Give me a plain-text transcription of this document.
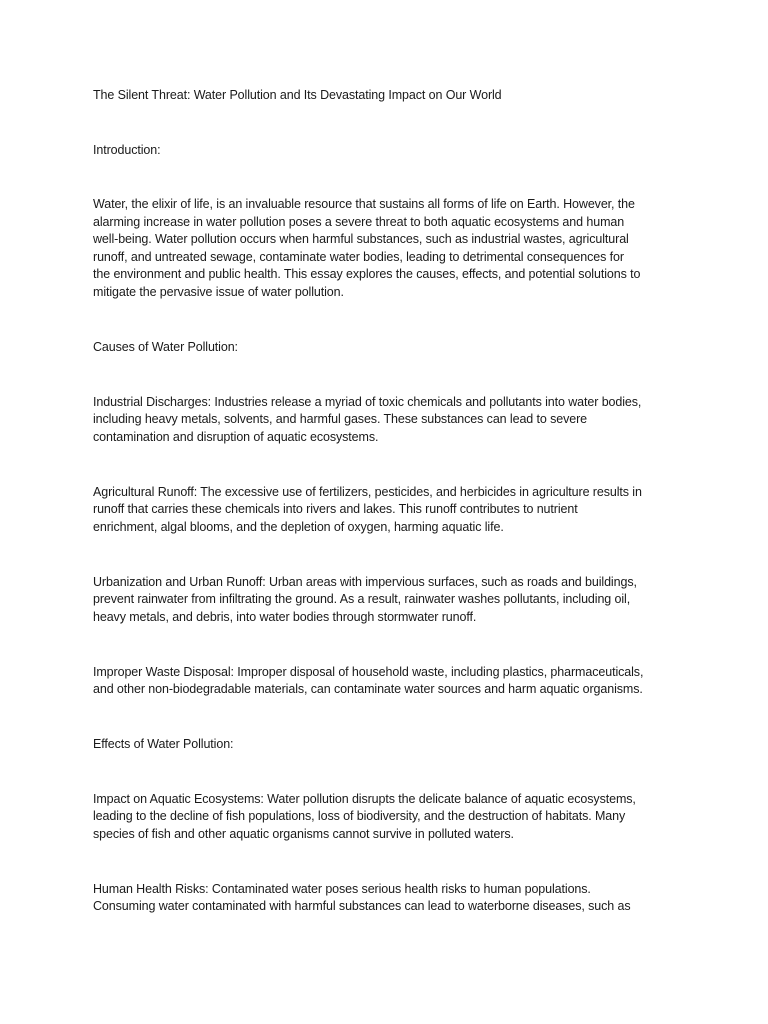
The Silent Threat: Water Pollution and Its Devastating Impact on Our World

Introduction:

Water, the elixir of life, is an invaluable resource that sustains all forms of life on Earth. However, the

alarming increase in water pollution poses a severe threat to both aquatic ecosystems and human

well-being. Water pollution occurs when harmful substances, such as industrial wastes, agricultural

runoff, and untreated sewage, contaminate water bodies, leading to detrimental consequences for

the environment and public health. This essay explores the causes, effects, and potential solutions to

mitigate the pervasive issue of water pollution.

Causes of Water Pollution:

Industrial Discharges: Industries release a myriad of toxic chemicals and pollutants into water bodies,

including heavy metals, solvents, and harmful gases. These substances can lead to severe

contamination and disruption of aquatic ecosystems.

Agricultural Runoff: The excessive use of fertilizers, pesticides, and herbicides in agriculture results in

runoff that carries these chemicals into rivers and lakes. This runoff contributes to nutrient

enrichment, algal blooms, and the depletion of oxygen, harming aquatic life.

Urbanization and Urban Runoff: Urban areas with impervious surfaces, such as roads and buildings,

prevent rainwater from infiltrating the ground. As a result, rainwater washes pollutants, including oil,

heavy metals, and debris, into water bodies through stormwater runoff.

Improper Waste Disposal: Improper disposal of household waste, including plastics, pharmaceuticals,

and other non-biodegradable materials, can contaminate water sources and harm aquatic organisms.

Effects of Water Pollution:

Impact on Aquatic Ecosystems: Water pollution disrupts the delicate balance of aquatic ecosystems,

leading to the decline of fish populations, loss of biodiversity, and the destruction of habitats. Many

species of fish and other aquatic organisms cannot survive in polluted waters.

Human Health Risks: Contaminated water poses serious health risks to human populations.

Consuming water contaminated with harmful substances can lead to waterborne diseases, such as
